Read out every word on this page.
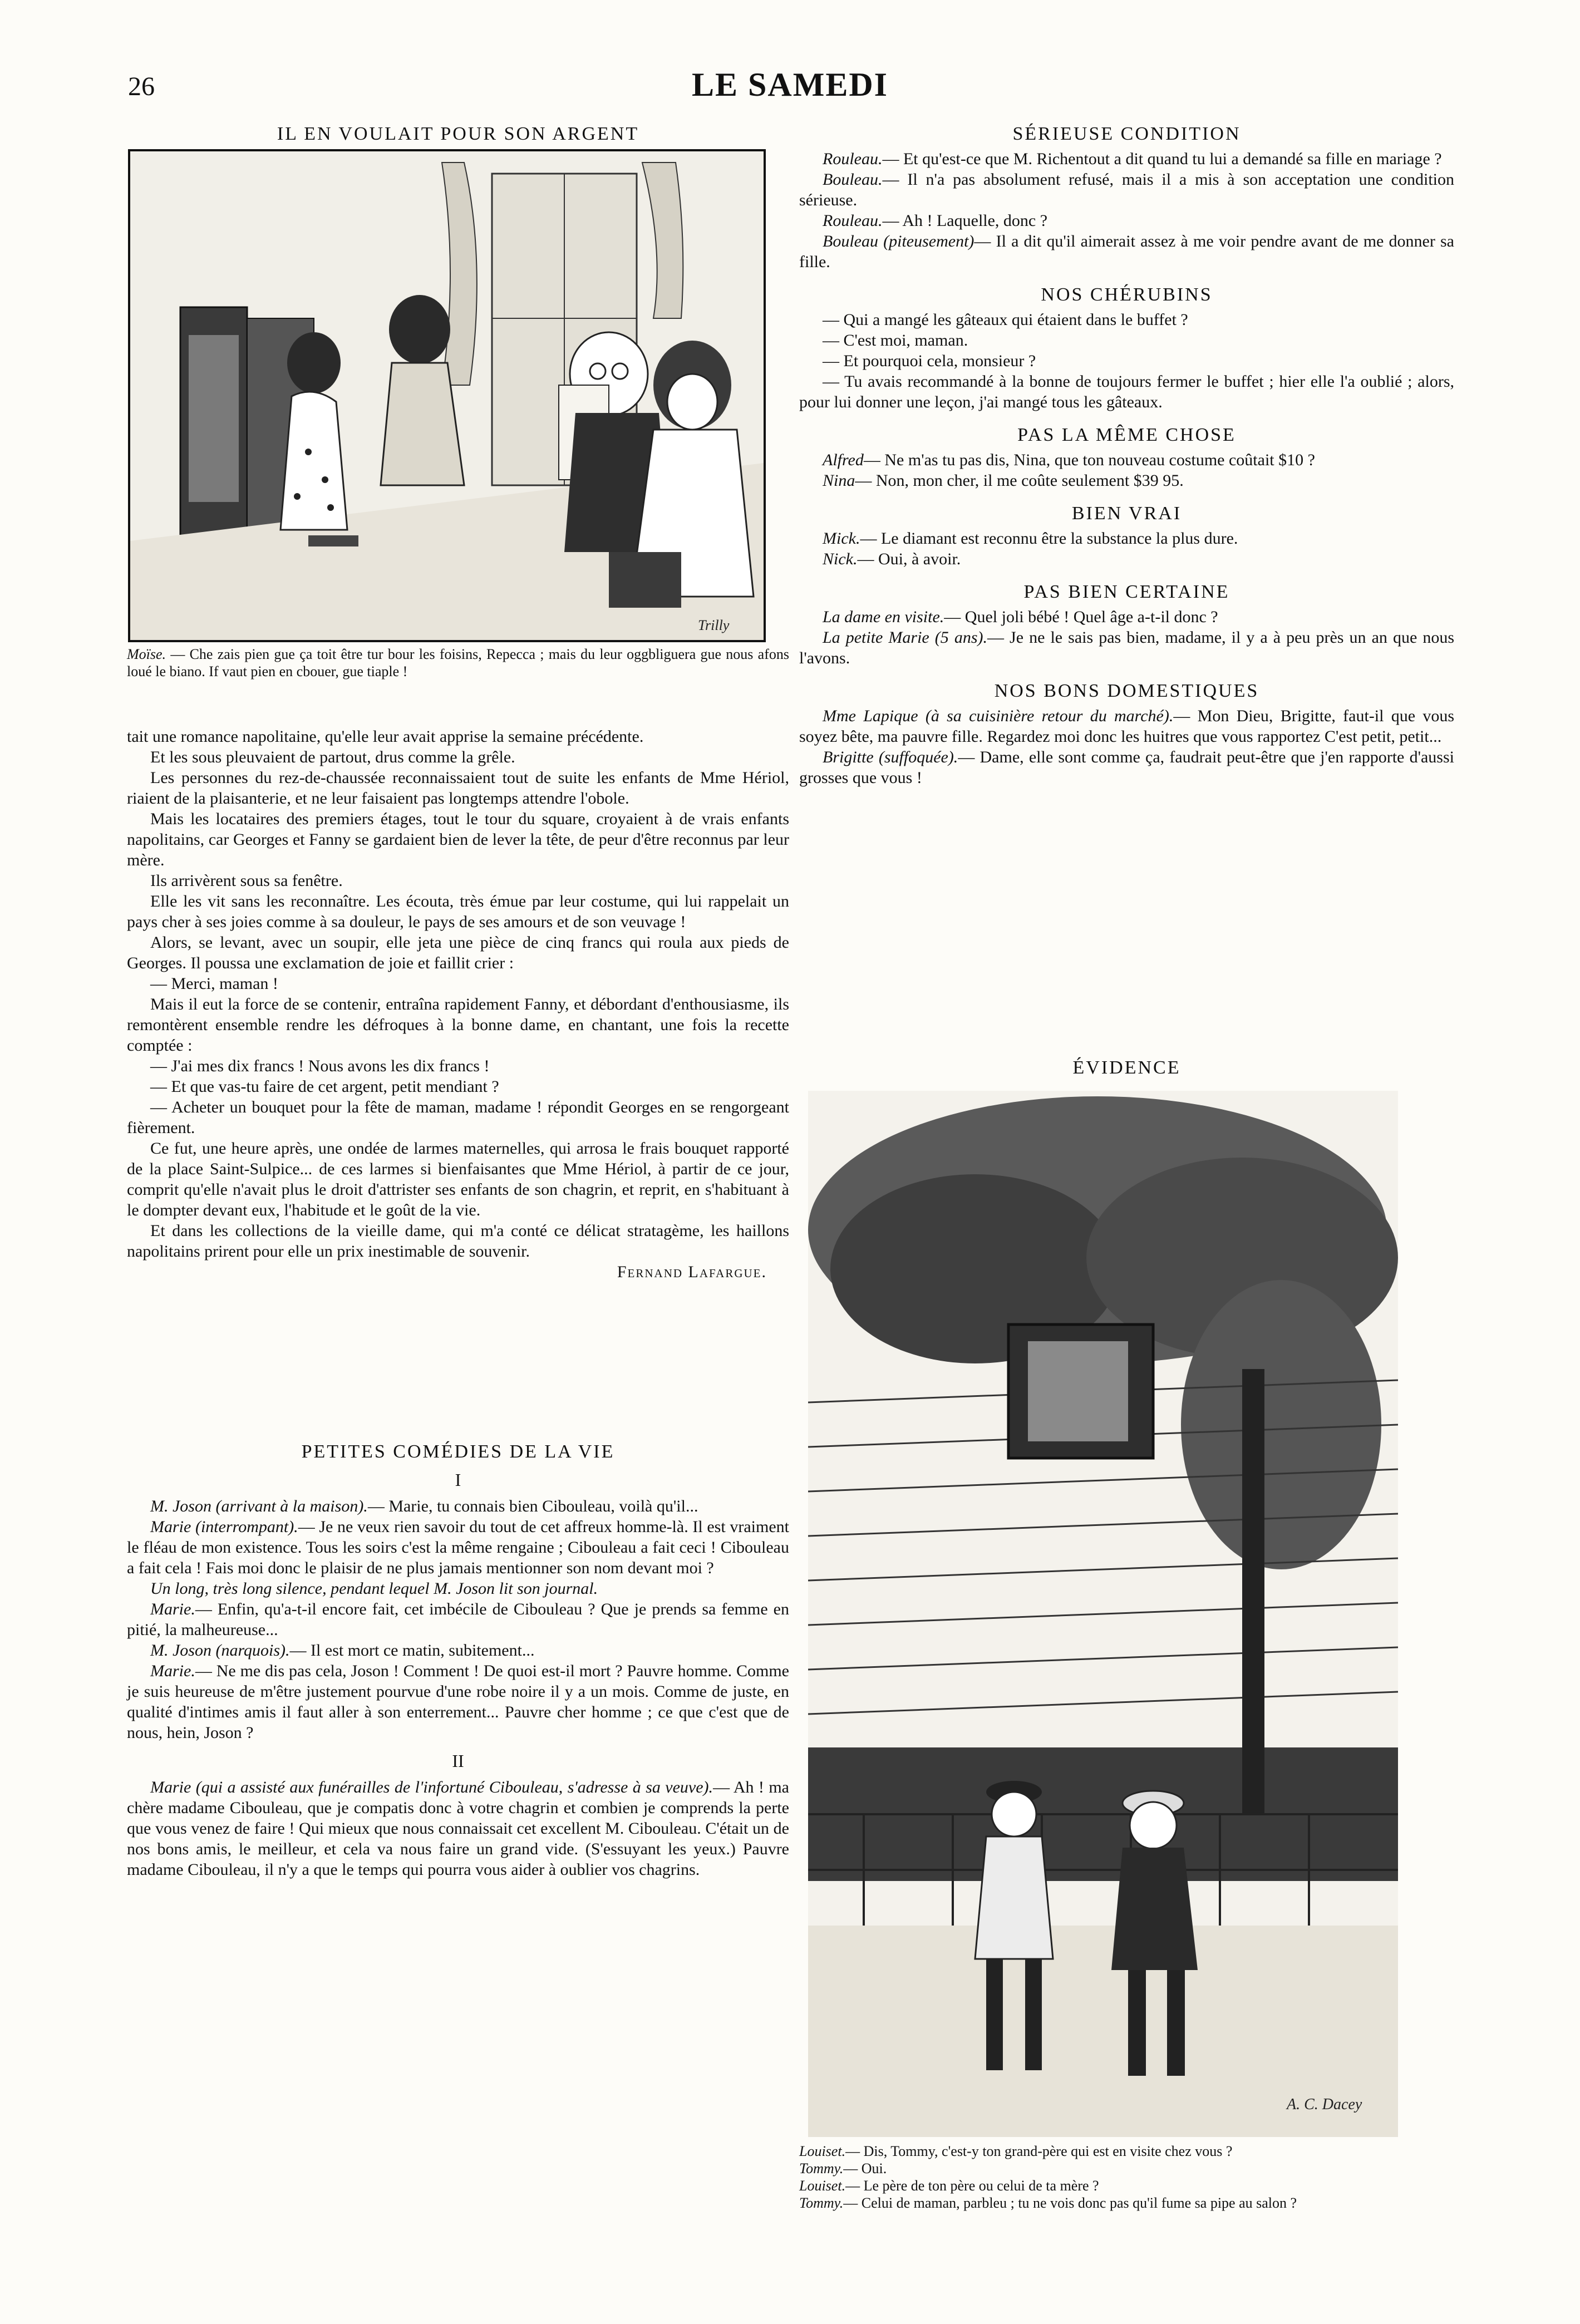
26	LE SAMEDI
IL EN VOULAIT POUR SON ARGENT
Trilly

Moïse. — Che zais pien gue ça toit être tur bour les foisins, Repecca ; mais du leur oggbliguera gue nous afons loué le biano. If vaut pien en cbouer, gue tiaple !

tait une romance napolitaine, qu'elle leur avait apprise la semaine précédente.

Et les sous pleuvaient de partout, drus comme la grêle.

Les personnes du rez-de-chaussée reconnaissaient tout de suite les enfants de Mme Hériol, riaient de la plaisanterie, et ne leur faisaient pas longtemps attendre l'obole.

Mais les locataires des premiers étages, tout le tour du square, croyaient à de vrais enfants napolitains, car Georges et Fanny se gardaient bien de lever la tête, de peur d'être reconnus par leur mère.

Ils arrivèrent sous sa fenêtre.

Elle les vit sans les reconnaître. Les écouta, très émue par leur costume, qui lui rappelait un pays cher à ses joies comme à sa douleur, le pays de ses amours et de son veuvage !

Alors, se levant, avec un soupir, elle jeta une pièce de cinq francs qui roula aux pieds de Georges. Il poussa une exclamation de joie et faillit crier :

— Merci, maman !

Mais il eut la force de se contenir, entraîna rapidement Fanny, et débordant d'enthousiasme, ils remontèrent ensemble rendre les défroques à la bonne dame, en chantant, une fois la recette comptée :

— J'ai mes dix francs ! Nous avons les dix francs !

— Et que vas-tu faire de cet argent, petit mendiant ?

— Acheter un bouquet pour la fête de maman, madame ! répondit Georges en se rengorgeant fièrement.

Ce fut, une heure après, une ondée de larmes maternelles, qui arrosa le frais bouquet rapporté de la place Saint-Sulpice... de ces larmes si bienfaisantes que Mme Hériol, à partir de ce jour, comprit qu'elle n'avait plus le droit d'attrister ses enfants de son chagrin, et reprit, en s'habituant à le dompter devant eux, l'habitude et le goût de la vie.

Et dans les collections de la vieille dame, qui m'a conté ce délicat stratagème, les haillons napolitains prirent pour elle un prix inestimable de souvenir.

Fernand Lafargue.
PETITES COMÉDIES DE LA VIE
I

M. Joson (arrivant à la maison).— Marie, tu connais bien Cibouleau, voilà qu'il...

Marie (interrompant).— Je ne veux rien savoir du tout de cet affreux homme-là. Il est vraiment le fléau de mon existence. Tous les soirs c'est la même rengaine ; Cibouleau a fait ceci ! Cibouleau a fait cela ! Fais moi donc le plaisir de ne plus jamais mentionner son nom devant moi ?

Un long, très long silence, pendant lequel M. Joson lit son journal.

Marie.— Enfin, qu'a-t-il encore fait, cet imbécile de Cibouleau ? Que je prends sa femme en pitié, la malheureuse...

M. Joson (narquois).— Il est mort ce matin, subitement...

Marie.— Ne me dis pas cela, Joson ! Comment ! De quoi est-il mort ? Pauvre homme. Comme je suis heureuse de m'être justement pourvue d'une robe noire il y a un mois. Comme de juste, en qualité d'intimes amis il faut aller à son enterrement... Pauvre cher homme ; ce que c'est que de nous, hein, Joson ?

II

Marie (qui a assisté aux funérailles de l'infortuné Cibouleau, s'adresse à sa veuve).— Ah ! ma chère madame Cibouleau, que je compatis donc à votre chagrin et combien je comprends la perte que vous venez de faire ! Qui mieux que nous connaissait cet excellent M. Cibouleau. C'était un de nos bons amis, le meilleur, et cela va nous faire un grand vide. (S'essuyant les yeux.) Pauvre madame Cibouleau, il n'y a que le temps qui pourra vous aider à oublier vos chagrins.

SÉRIEUSE CONDITION

Rouleau.— Et qu'est-ce que M. Richentout a dit quand tu lui a demandé sa fille en mariage ?

Bouleau.— Il n'a pas absolument refusé, mais il a mis à son acceptation une condition sérieuse.

Rouleau.— Ah ! Laquelle, donc ?

Bouleau (piteusement)— Il a dit qu'il aimerait assez à me voir pendre avant de me donner sa fille.

NOS CHÉRUBINS

— Qui a mangé les gâteaux qui étaient dans le buffet ?

— C'est moi, maman.

— Et pourquoi cela, monsieur ?

— Tu avais recommandé à la bonne de toujours fermer le buffet ; hier elle l'a oublié ; alors, pour lui donner une leçon, j'ai mangé tous les gâteaux.

PAS LA MÊME CHOSE

Alfred— Ne m'as tu pas dis, Nina, que ton nouveau costume coûtait $10 ?

Nina— Non, mon cher, il me coûte seulement $39 95.

BIEN VRAI

Mick.— Le diamant est reconnu être la substance la plus dure.

Nick.— Oui, à avoir.

PAS BIEN CERTAINE

La dame en visite.— Quel joli bébé ! Quel âge a-t-il donc ?

La petite Marie (5 ans).— Je ne le sais pas bien, madame, il y a à peu près un an que nous l'avons.

NOS BONS DOMESTIQUES

Mme Lapique (à sa cuisinière retour du marché).— Mon Dieu, Brigitte, faut-il que vous soyez bête, ma pauvre fille. Regardez moi donc les huitres que vous rapportez C'est petit, petit...

Brigitte (suffoquée).— Dame, elle sont comme ça, faudrait peut-être que j'en rapporte d'aussi grosses que vous !

ÉVIDENCE
A. C. Dacey

Louiset.— Dis, Tommy, c'est-y ton grand-père qui est en visite chez vous ?

Tommy.— Oui.

Louiset.— Le père de ton père ou celui de ta mère ?

Tommy.— Celui de maman, parbleu ; tu ne vois donc pas qu'il fume sa pipe au salon ?
